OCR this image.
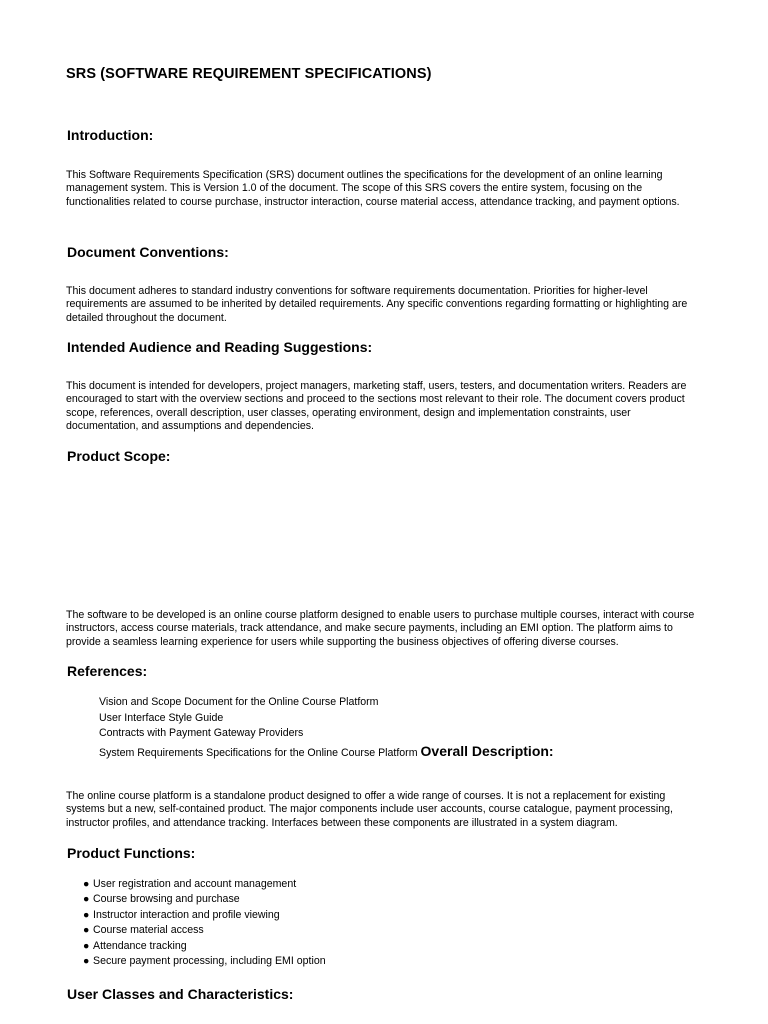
SRS (SOFTWARE REQUIREMENT SPECIFICATIONS)
Introduction:
This Software Requirements Specification (SRS) document outlines the specifications for the development of an online learning management system. This is Version 1.0 of the document. The scope of this SRS covers the entire system, focusing on the functionalities related to course purchase, instructor interaction, course material access, attendance tracking, and payment options.
Document Conventions:
This document adheres to standard industry conventions for software requirements documentation. Priorities for higher-level requirements are assumed to be inherited by detailed requirements. Any specific conventions regarding formatting or highlighting are detailed throughout the document.
Intended Audience and Reading Suggestions:
This document is intended for developers, project managers, marketing staff, users, testers, and documentation writers. Readers are encouraged to start with the overview sections and proceed to the sections most relevant to their role. The document covers product scope, references, overall description, user classes, operating environment, design and implementation constraints, user documentation, and assumptions and dependencies.
Product Scope:
The software to be developed is an online course platform designed to enable users to purchase multiple courses, interact with course instructors, access course materials, track attendance, and make secure payments, including an EMI option. The platform aims to provide a seamless learning experience for users while supporting the business objectives of offering diverse courses.
References:
Vision and Scope Document for the Online Course Platform
User Interface Style Guide
Contracts with Payment Gateway Providers
System Requirements Specifications for the Online Course Platform Overall Description:
The online course platform is a standalone product designed to offer a wide range of courses. It is not a replacement for existing systems but a new, self-contained product. The major components include user accounts, course catalogue, payment processing, instructor profiles, and attendance tracking. Interfaces between these components are illustrated in a system diagram.
Product Functions:
● User registration and account management
● Course browsing and purchase
● Instructor interaction and profile viewing
● Course material access
● Attendance tracking
● Secure payment processing, including EMI option
User Classes and Characteristics:
